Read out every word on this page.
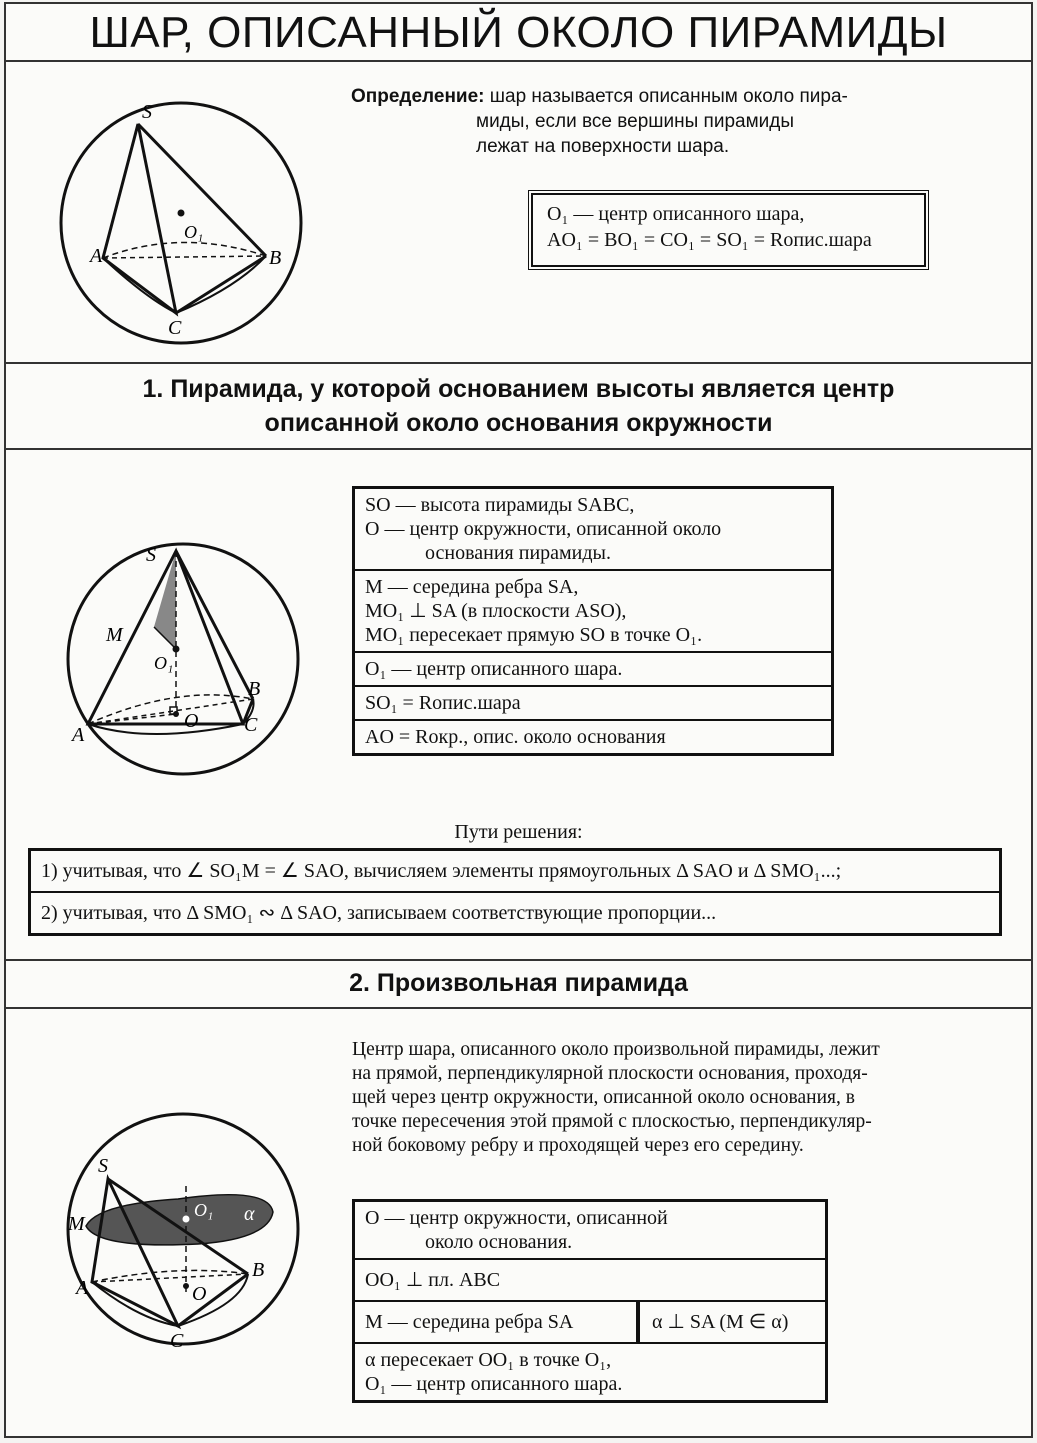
ШАР, ОПИСАННЫЙ ОКОЛО ПИРАМИДЫ
S
O₁
A	B
C
Определение: шар называется описанным около пира-
миды, если все вершины пирамиды
лежат на поверхности шара.
O₁ — центр описанного шара,
AO₁ = BO₁ = CO₁ = SO₁ = Rопис.шара
1. Пирамида, у которой основанием высоты является центр
описанной около основания окружности
S
M
O₁
O
A
B
C
SO — высота пирамиды SABC,
O — центр окружности, описанной около

основания пирамиды.
M — середина ребра SA,
MO₁ ⊥ SA (в плоскости ASO),
MO₁ пересекает прямую SO в точке O₁.
O₁ — центр описанного шара.
SO₁ = Rопис.шара
AO = Rокр., опис. около основания
Пути решения:
1) учитывая, что ∠ SO₁M = ∠ SAO, вычисляем элементы прямоугольных Δ SAO и Δ SMO₁...;
2) учитывая, что Δ SMO₁ ∾ Δ SAO, записываем соответствующие пропорции...
2. Произвольная пирамида
Центр шара, описанного около произвольной пирамиды, лежит
на прямой, перпендикулярной плоскости основания, проходя-
щей через центр окружности, описанной около основания, в
точке пересечения этой прямой с плоскостью, перпендикуляр-
ной боковому ребру и проходящей через его середину.
S
M
O₁ α
O
A
B
C
O — центр окружности, описанной

около основания.
OO₁ ⊥ пл. ABC
M — середина ребра SA	α ⊥ SA (M ∈ α)
α пересекает OO₁ в точке O₁,
O₁ — центр описанного шара.
